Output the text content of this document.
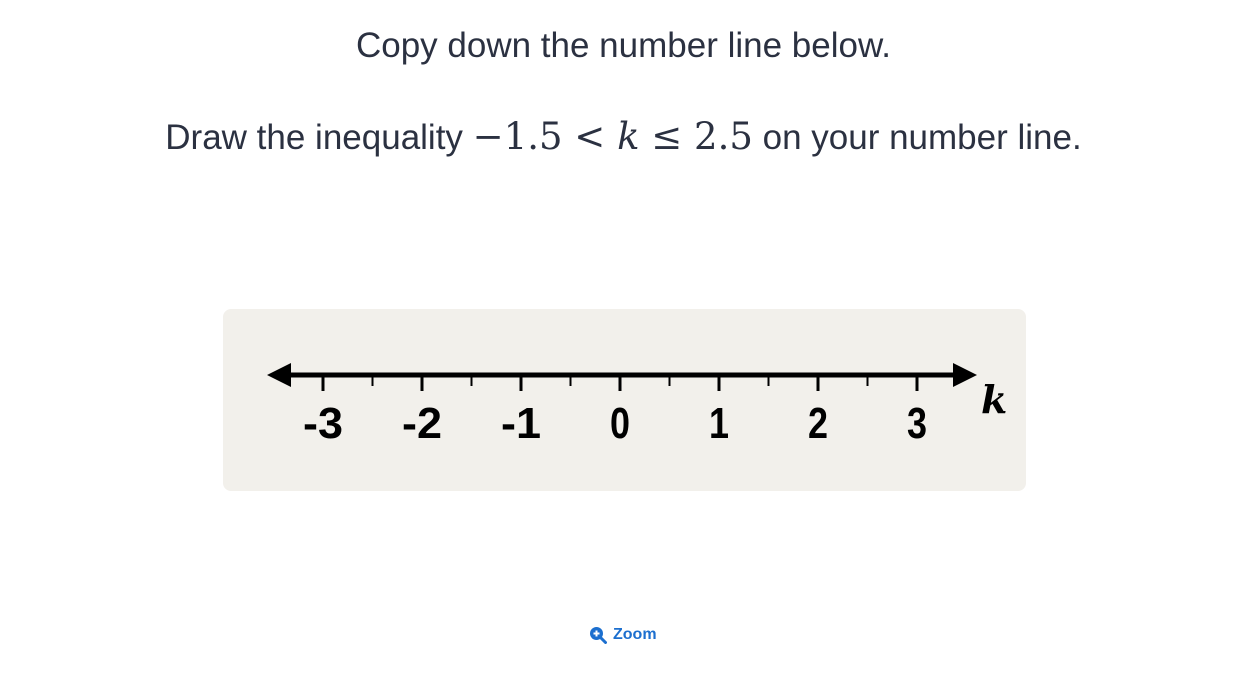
Copy down the number line below.
Draw the inequality −1.5 < k ≤ 2.5 on your number line.
-3 -2 -1 0 1 2 3 k
Zoom
